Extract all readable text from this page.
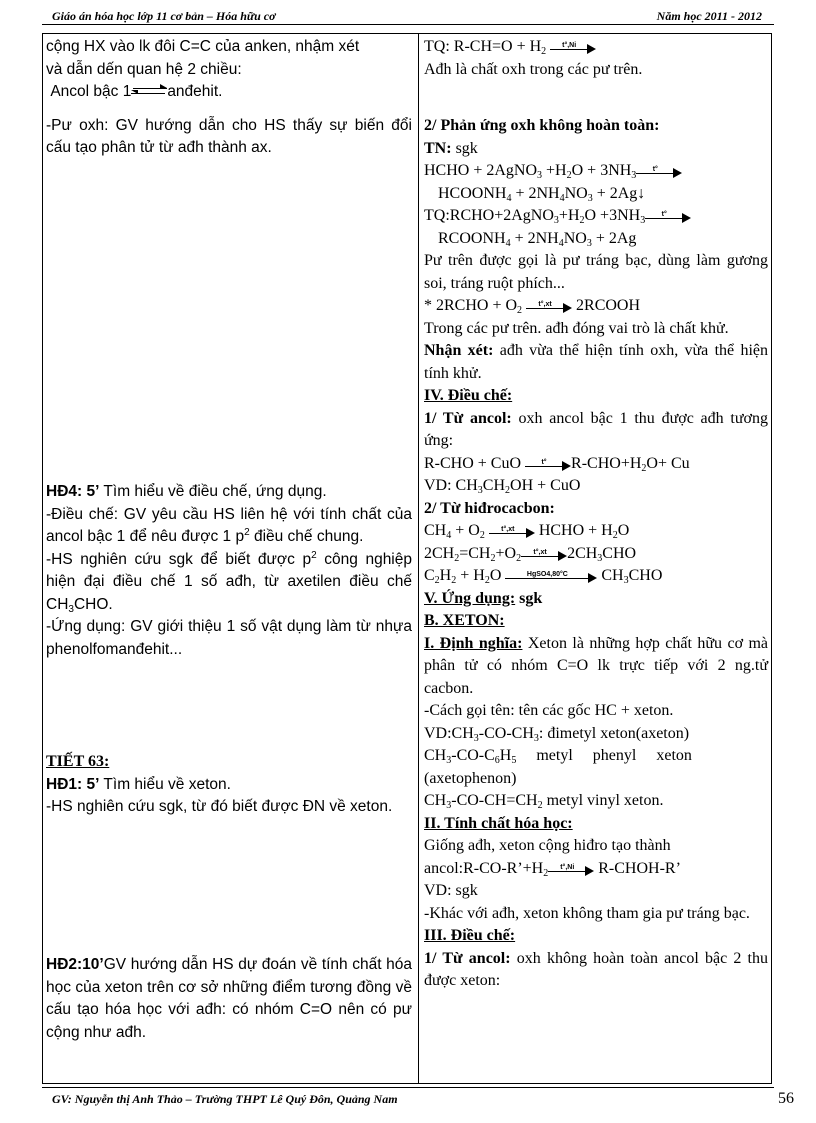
Giáo án hóa học lớp 11 cơ bản – Hóa hữu cơ	Năm học 2011 - 2012
cộng HX vào lk đôi C=C của anken, nhậm xét
và dẫn dến quan hệ 2 chiều:
Ancol bậc 1 anđehit.
-Pư oxh: GV hướng dẫn cho HS thấy sự biến đổi cấu tạo phân tử từ ađh thành ax.
HĐ4: 5’ Tìm hiểu về điều chế, ứng dụng.
-Điều chế: GV yêu cầu HS liên hệ với tính chất của ancol bậc 1 để nêu được 1 $p^2$ điều chế chung.
-HS nghiên cứu sgk để biết được $p^2$ công nghiệp hiện đại điều chế 1 số ađh, từ axetilen điều chế $CH_3CHO$.
-Ứng dụng: GV giới thiệu 1 số vật dụng làm từ nhựa phenolfomanđehit...
TIẾT 63:
HĐ1: 5’ Tìm hiểu về xeton.
-HS nghiên cứu sgk, từ đó biết được ĐN về xeton.
HĐ2:10’GV hướng dẫn HS dự đoán về tính chất hóa học của xeton trên cơ sở những điểm tương đồng về cấu tạo hóa học với ađh: có nhóm C=O nên có pư cộng như ađh.
TQ: $R-CH=O + H_2$
t°,Ni
Ađh là chất oxh trong các pư trên.
2/ Phản ứng oxh không hoàn toàn:
TN: sgk
HCHO + 2AgNO$_3$ $+H_2O + 3NH_3$
t°
$HCOONH_4 + 2NH_4NO_3$ + 2Ag↓
$TQ:RCHO+2AgNO_3+H_2O +3NH_3$
t°
$RCOONH_4 + 2NH_4NO_3 + 2Ag$
Pư trên được gọi là pư tráng bạc, dùng làm gương soi, tráng ruột phích...
* 2RCHO + $O_2$
t°,xt	2RCOOH
Trong các pư trên. ađh đóng vai trò là chất khử.
Nhận xét: ađh vừa thể hiện tính oxh, vừa thể hiện tính khử.
IV. Điều chế:
1/ Từ ancol: oxh ancol bậc 1 thu được ađh tương ứng:
R-CHO + CuO	t°	$R-CHO+H_2O+ Cu$
VD: $CH_3CH_2OH$ + CuO
2/ Từ hiđrocacbon:
$CH_4 + O_2$
t°,xt	HCHO + $H_2O$
$2CH_2=CH_2+O_2$
t°,xt	$2CH_3CHO$
$C_2H_2 + H_2O$	HgSO4,80°C	$CH_3CHO$
V. Ứng dụng: sgk
B. XETON:
I. Định nghĩa: Xeton là những hợp chất hữu cơ mà phân tử có nhóm C=O lk trực tiếp với 2 ng.tử cacbon.
-Cách gọi tên: tên các gốc HC + xeton.
$VD:CH_3-CO-CH_3$: đimetyl xeton(axeton)
$CH_3-CO-C_6H_5$     metyl     phenyl     xeton
(axetophenon)
$CH_3-CO-CH=CH_2$ metyl vinyl xeton.
II. Tính chất hóa học:
Giống ađh, xeton cộng hiđro tạo thành
$ancol:R-CO-R’+H_2$
t°,Ni	R-CHOH-R’
VD: sgk
-Khác với ađh, xeton không tham gia pư tráng bạc.
III. Điều chế:
1/ Từ ancol: oxh không hoàn toàn ancol bậc 2 thu được xeton:
GV: Nguyễn thị Anh Thảo – Trường THPT Lê Quý Đôn, Quảng Nam	56
